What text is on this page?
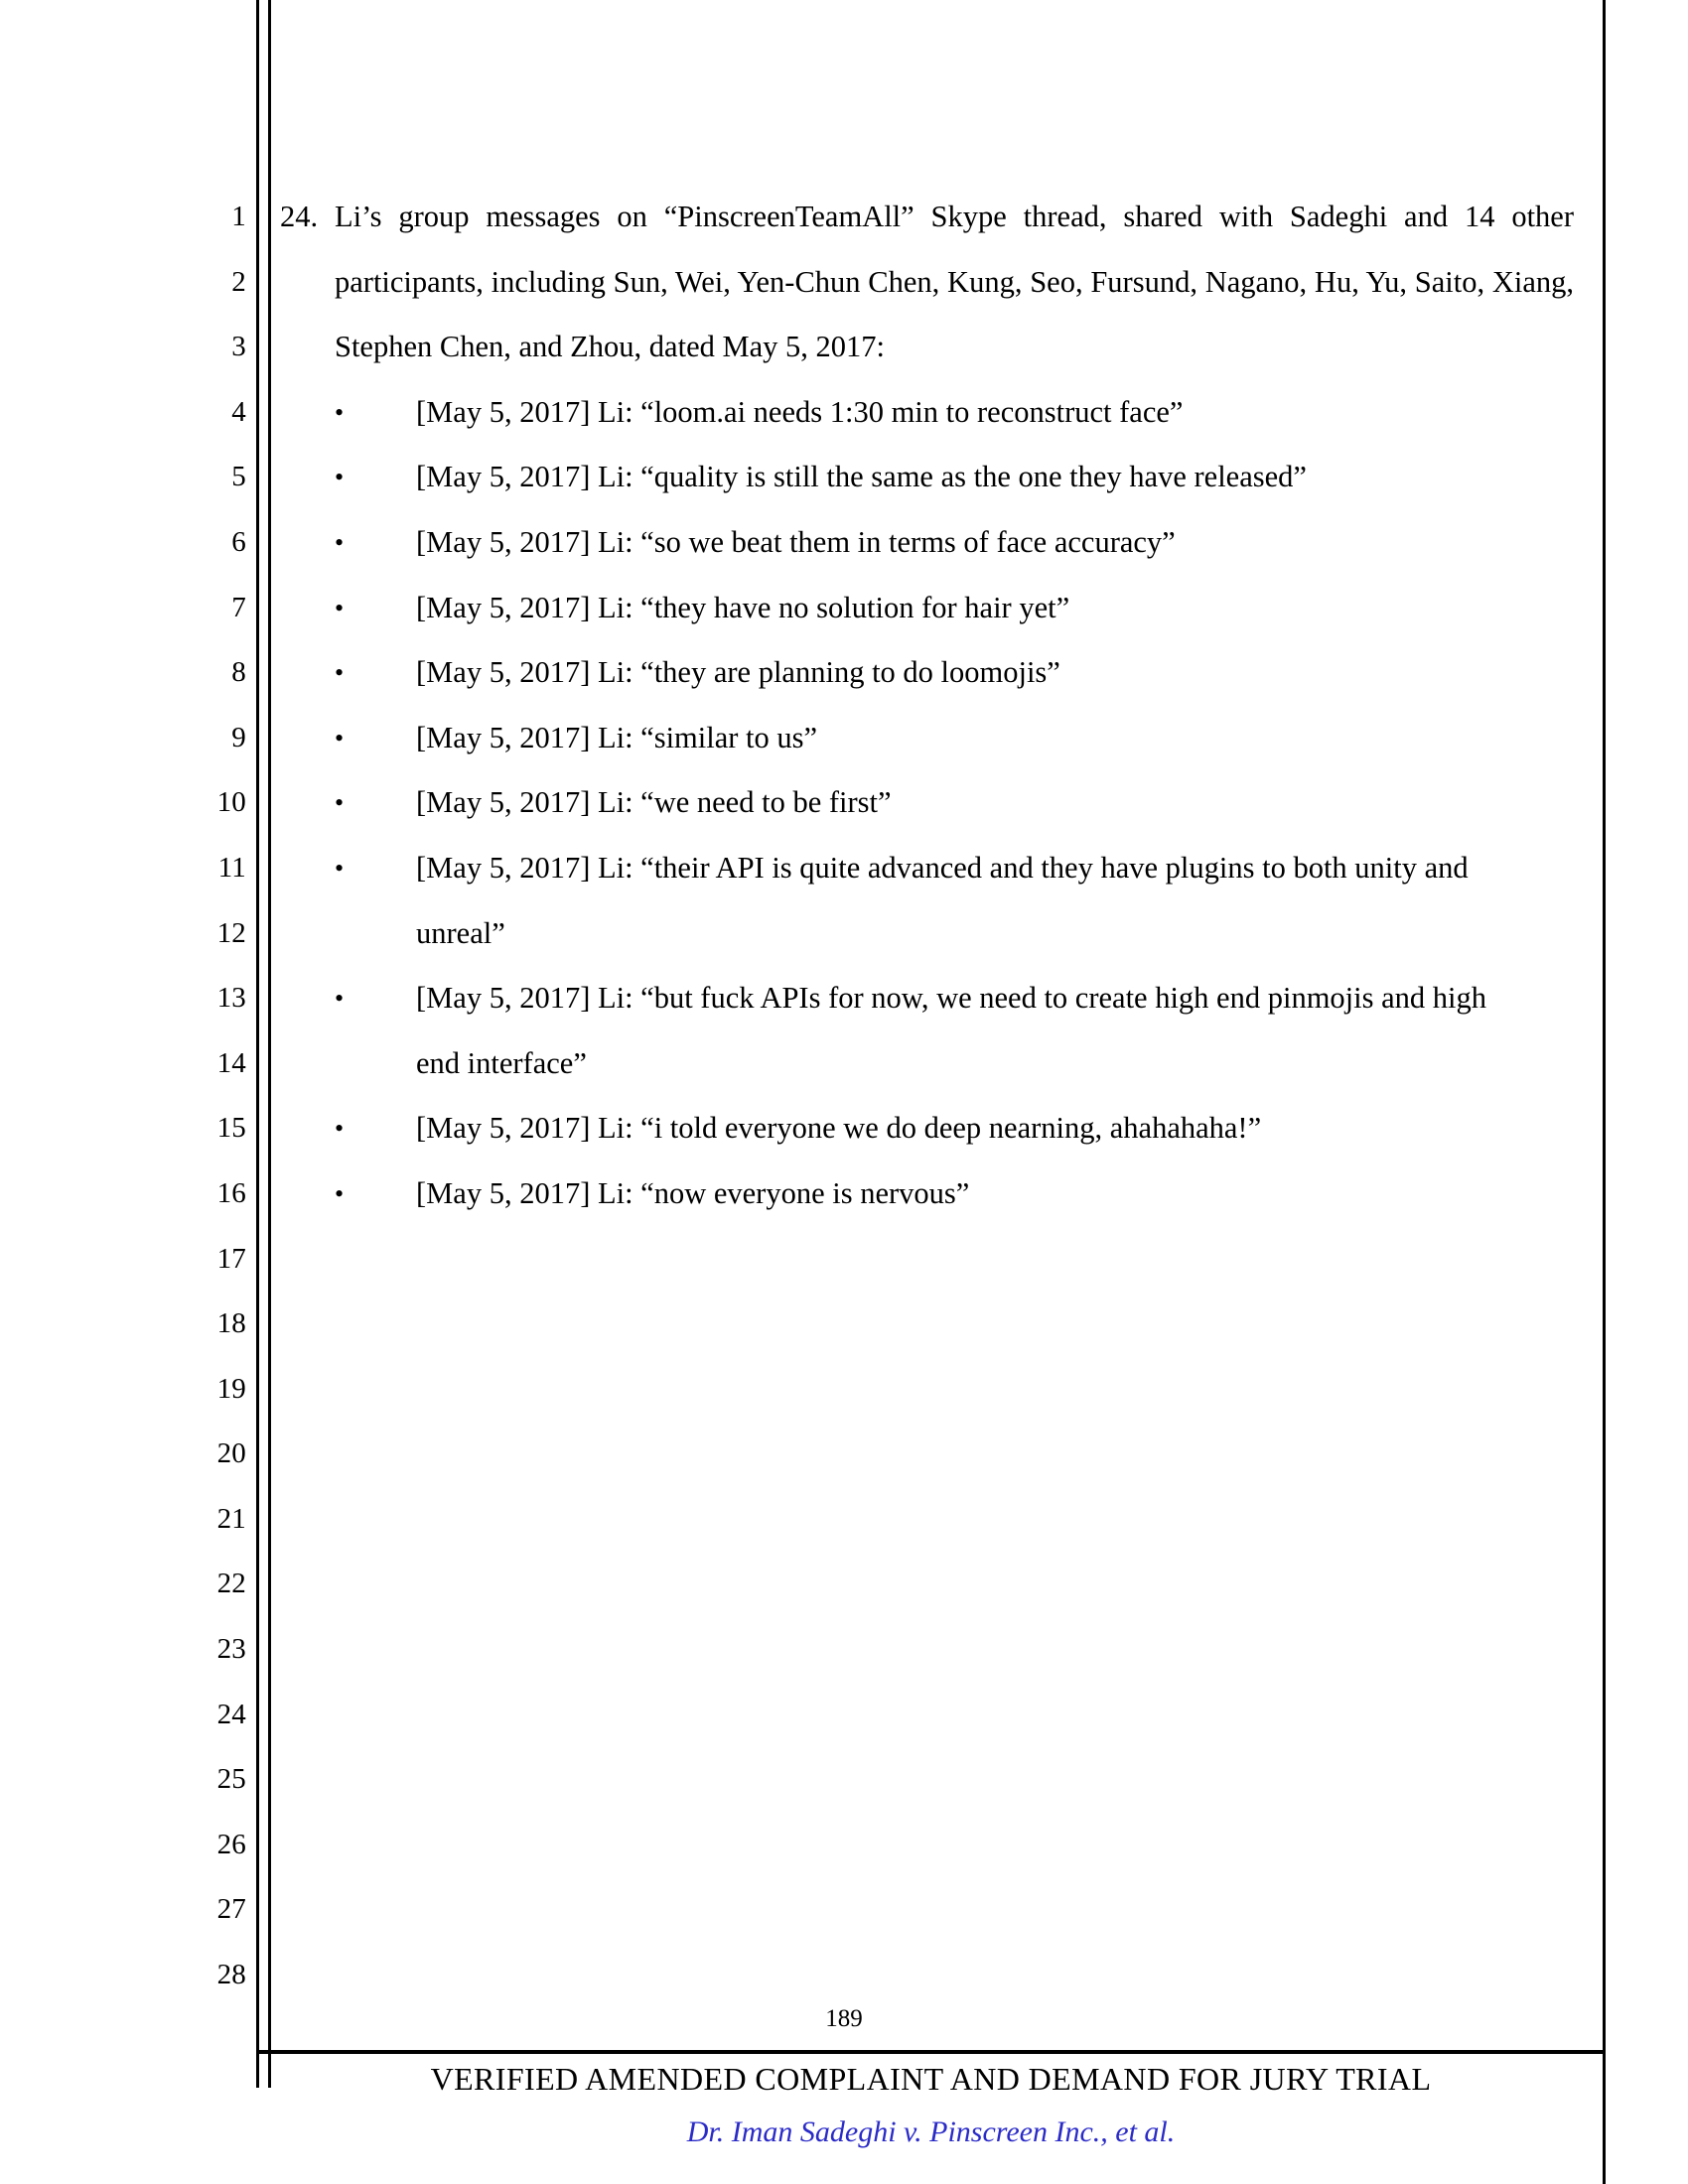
1
2
3
4
5
6
7
8
9
10
11
12
13
14
15
16
17
18
19
20
21
22
23
24
25
26
27
28
24. Li’s group messages on “PinscreenTeamAll” Skype thread, shared with Sadeghi and 14 other participants, including Sun, Wei, Yen-Chun Chen, Kung, Seo, Fursund, Nagano, Hu, Yu, Saito, Xiang, Stephen Chen, and Zhou, dated May 5, 2017:
• [May 5, 2017] Li: “loom.ai needs 1:30 min to reconstruct face”
• [May 5, 2017] Li: “quality is still the same as the one they have released”
• [May 5, 2017] Li: “so we beat them in terms of face accuracy”
• [May 5, 2017] Li: “they have no solution for hair yet”
• [May 5, 2017] Li: “they are planning to do loomojis”
• [May 5, 2017] Li: “similar to us”
• [May 5, 2017] Li: “we need to be first”
• [May 5, 2017] Li: “their API is quite advanced and they have plugins to both unity and
unreal”
• [May 5, 2017] Li: “but fuck APIs for now, we need to create high end pinmojis and high
end interface”
• [May 5, 2017] Li: “i told everyone we do deep nearning, ahahahaha!”
• [May 5, 2017] Li: “now everyone is nervous”
189
VERIFIED AMENDED COMPLAINT AND DEMAND FOR JURY TRIAL
Dr. Iman Sadeghi v. Pinscreen Inc., et al.
